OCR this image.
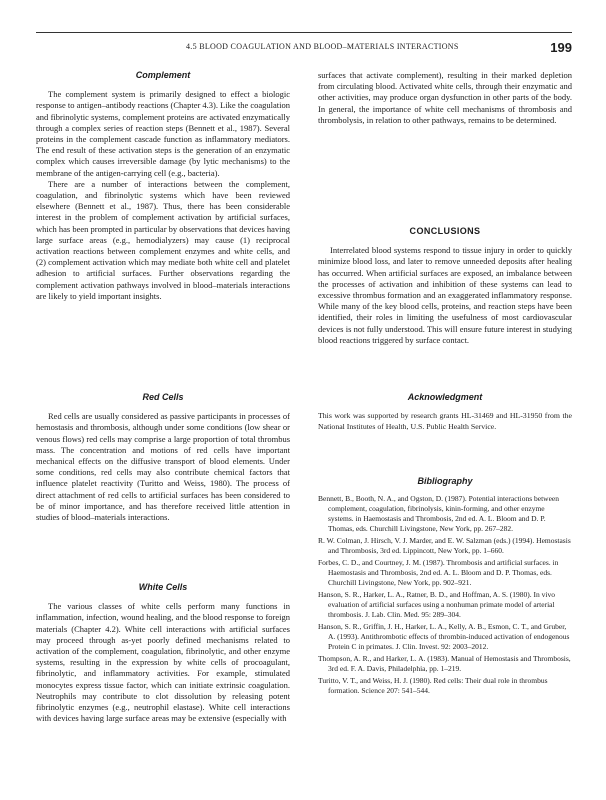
4.5 BLOOD COAGULATION AND BLOOD–MATERIALS INTERACTIONS	199
Complement

The complement system is primarily designed to effect a biologic response to antigen–antibody reactions (Chapter 4.3). Like the coagulation and fibrinolytic systems, complement proteins are activated enzymatically through a complex series of reaction steps (Bennett et al., 1987). Several proteins in the complement cascade function as inflammatory mediators. The end result of these activation steps is the generation of an enzymatic complex which causes irreversible damage (by lytic mechanisms) to the membrane of the antigen-carrying cell (e.g., bacteria).

There are a number of interactions between the complement, coagulation, and fibrinolytic systems which have been reviewed elsewhere (Bennett et al., 1987). Thus, there has been considerable interest in the problem of complement activation by artificial surfaces, which has been prompted in particular by observations that devices having large surface areas (e.g., hemodialyzers) may cause (1) reciprocal activation reactions between complement enzymes and white cells, and (2) complement activation which may mediate both white cell and platelet adhesion to artificial surfaces. Further observations regarding the complement activation pathways involved in blood–materials interactions are likely to yield important insights.

Red Cells

Red cells are usually considered as passive participants in processes of hemostasis and thrombosis, although under some conditions (low shear or venous flows) red cells may comprise a large proportion of total thrombus mass. The concentration and motions of red cells have important mechanical effects on the diffusive transport of blood elements. Under some conditions, red cells may also contribute chemical factors that influence platelet reactivity (Turitto and Weiss, 1980). The process of direct attachment of red cells to artificial surfaces has been considered to be of minor importance, and has therefore received little attention in studies of blood–materials interactions.

White Cells

The various classes of white cells perform many functions in inflammation, infection, wound healing, and the blood response to foreign materials (Chapter 4.2). White cell interactions with artificial surfaces may proceed through as-yet poorly defined mechanisms related to activation of the complement, coagulation, fibrinolytic, and other enzyme systems, resulting in the expression by white cells of procoagulant, fibrinolytic, and inflammatory activities. For example, stimulated monocytes express tissue factor, which can initiate extrinsic coagulation. Neutrophils may contribute to clot dissolution by releasing potent fibrinolytic enzymes (e.g., neutrophil elastase). White cell interactions with devices having large surface areas may be extensive (especially with

surfaces that activate complement), resulting in their marked depletion from circulating blood. Activated white cells, through their enzymatic and other activities, may produce organ dysfunction in other parts of the body. In general, the importance of white cell mechanisms of thrombosis and thrombolysis, in relation to other pathways, remains to be determined.

CONCLUSIONS

Interrelated blood systems respond to tissue injury in order to quickly minimize blood loss, and later to remove unneeded deposits after healing has occurred. When artificial surfaces are exposed, an imbalance between the processes of activation and inhibition of these systems can lead to excessive thrombus formation and an exaggerated inflammatory response. While many of the key blood cells, proteins, and reaction steps have been identified, their roles in limiting the usefulness of most cardiovascular devices is not fully understood. This will ensure future interest in studying blood reactions triggered by surface contact.

Acknowledgment

This work was supported by research grants HL-31469 and HL-31950 from the National Institutes of Health, U.S. Public Health Service.

Bibliography

Bennett, B., Booth, N. A., and Ogston, D. (1987). Potential interactions between complement, coagulation, fibrinolysis, kinin-forming, and other enzyme systems. in Haemostasis and Thrombosis, 2nd ed. A. L. Bloom and D. P. Thomas, eds. Churchill Livingstone, New York, pp. 267–282.

R. W. Colman, J. Hirsch, V. J. Marder, and E. W. Salzman (eds.) (1994). Hemostasis and Thrombosis, 3rd ed. Lippincott, New York, pp. 1–660.

Forbes, C. D., and Courtney, J. M. (1987). Thrombosis and artificial surfaces. in Haemostasis and Thrombosis, 2nd ed. A. L. Bloom and D. P. Thomas, eds. Churchill Livingstone, New York, pp. 902–921.

Hanson, S. R., Harker, L. A., Ratner, B. D., and Hoffman, A. S. (1980). In vivo evaluation of artificial surfaces using a nonhuman primate model of arterial thrombosis. J. Lab. Clin. Med. 95: 289–304.

Hanson, S. R., Griffin, J. H., Harker, L. A., Kelly, A. B., Esmon, C. T., and Gruber, A. (1993). Antithrombotic effects of thrombin-induced activation of endogenous Protein C in primates. J. Clin. Invest. 92: 2003–2012.

Thompson, A. R., and Harker, L. A. (1983). Manual of Hemostasis and Thrombosis, 3rd ed. F. A. Davis, Philadelphia, pp. 1–219.

Turitto, V. T., and Weiss, H. J. (1980). Red cells: Their dual role in thrombus formation. Science 207: 541–544.
